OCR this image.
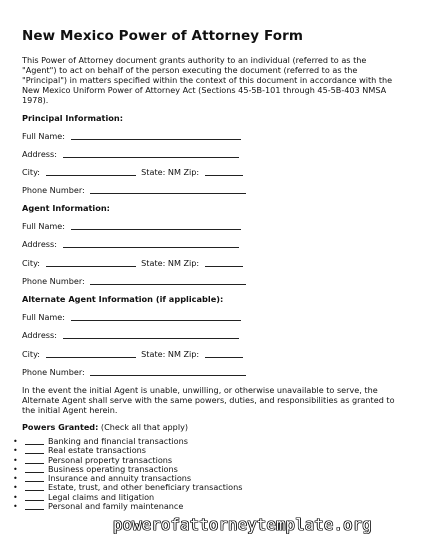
New Mexico Power of Attorney Form
This Power of Attorney document grants authority to an individual (referred to as the "Agent") to act on behalf of the person executing the document (referred to as the "Principal") in matters specified within the context of this document in accordance with the New Mexico Uniform Power of Attorney Act (Sections 45-5B-101 through 45-5B-403 NMSA 1978).
Principal Information:
Full Name:
Address:
City:	State: NM Zip:
Phone Number:
Agent Information:
Full Name:
Address:
City:	State: NM Zip:
Phone Number:
Alternate Agent Information (if applicable):
Full Name:
Address:
City:	State: NM Zip:
Phone Number:
In the event the initial Agent is unable, unwilling, or otherwise unavailable to serve, the Alternate Agent shall serve with the same powers, duties, and responsibilities as granted to the initial Agent herein.
Powers Granted: (Check all that apply)
•	Banking and financial transactions
•	Real estate transactions
•	Personal property transactions
•	Business operating transactions
•	Insurance and annuity transactions
•	Estate, trust, and other beneficiary transactions
•	Legal claims and litigation
•	Personal and family maintenance
powerofattorneytemplate.org
